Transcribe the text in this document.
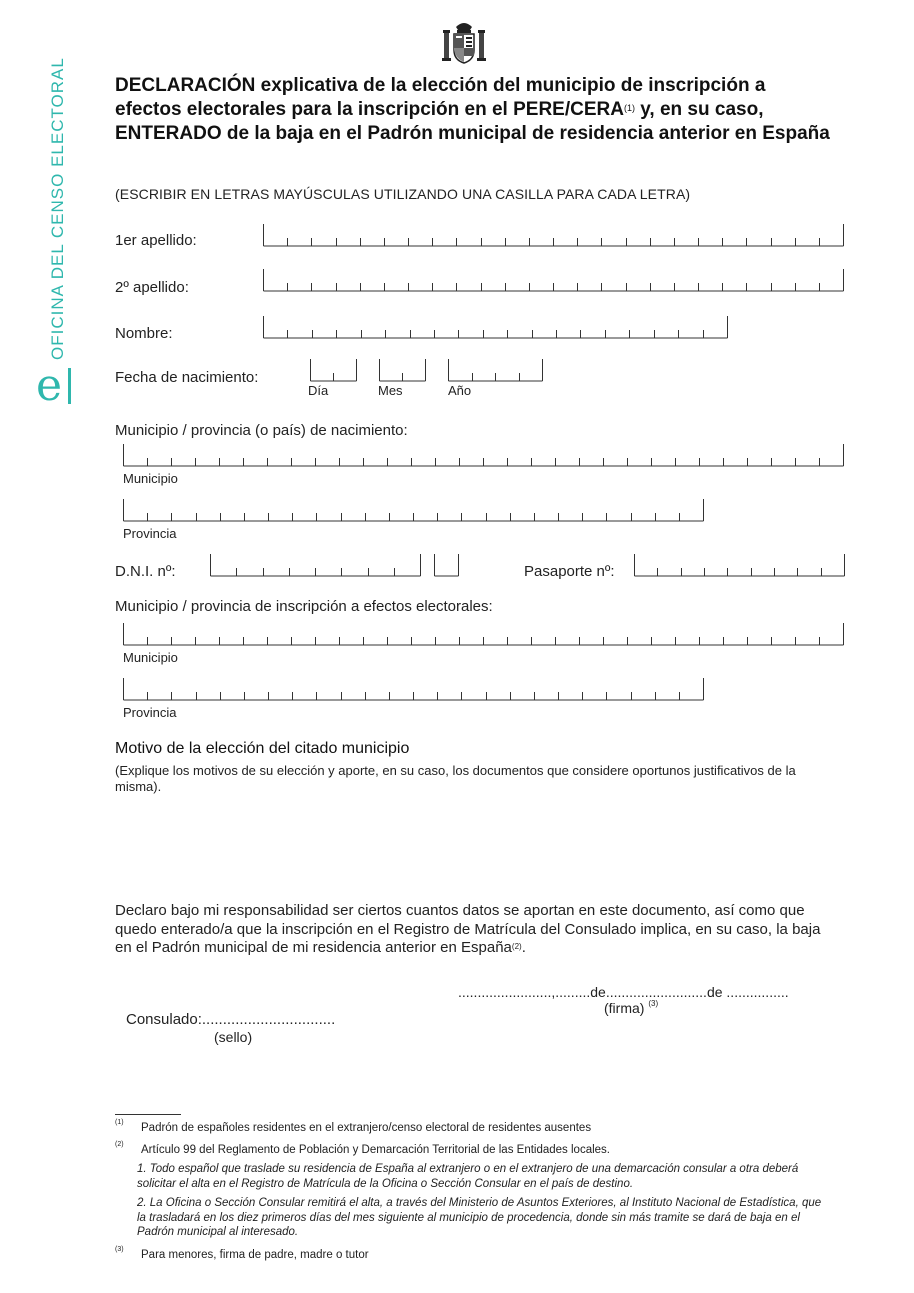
OFICINA DEL CENSO ELECTORAL
e
DECLARACIÓN explicativa de la elección del municipio de inscripción a efectos electorales para la inscripción en el PERE/CERA$^{(1)}$ y, en su caso, ENTERADO de la baja en el Padrón municipal de residencia anterior en España
(ESCRIBIR EN LETRAS MAYÚSCULAS UTILIZANDO UNA CASILLA PARA CADA LETRA)
1er apellido:
2º apellido:
Nombre:
Fecha de nacimiento:
Día	Mes	Año
Municipio / provincia (o país) de nacimiento:
Municipio
Provincia
D.N.I. nº:	Pasaporte nº:
Municipio / provincia de inscripción a efectos electorales:
Municipio
Provincia
Motivo de la elección del citado municipio
(Explique los motivos de su elección y aporte, en su caso, los documentos que considere oportunos justificativos de la misma).
Declaro bajo mi responsabilidad ser ciertos cuantos datos se aportan en este documento, así como que quedo enterado/a que la inscripción en el Registro de Matrícula del Consulado implica, en su caso, la baja en el Padrón municipal de mi residencia anterior en España$^{(2)}$.
........................,.........de..........................de ................
(firma) $^{(3)}$
Consulado:................................
(sello)
(1) Padrón de españoles residentes en el extranjero/censo electoral de residentes ausentes
(2) Artículo 99 del Reglamento de Población y Demarcación Territorial de las Entidades locales.
1. Todo español que traslade su residencia de España al extranjero o en el extranjero de una demarcación consular a otra deberá solicitar el alta en el Registro de Matrícula de la Oficina o Sección Consular en el país de destino.
2. La Oficina o Sección Consular remitirá el alta, a través del Ministerio de Asuntos Exteriores, al Instituto Nacional de Estadística, que la trasladará en los diez primeros días del mes siguiente al municipio de procedencia, donde sin más tramite se dará de baja en el Padrón municipal al interesado.
(3) Para menores, firma de padre, madre o tutor
